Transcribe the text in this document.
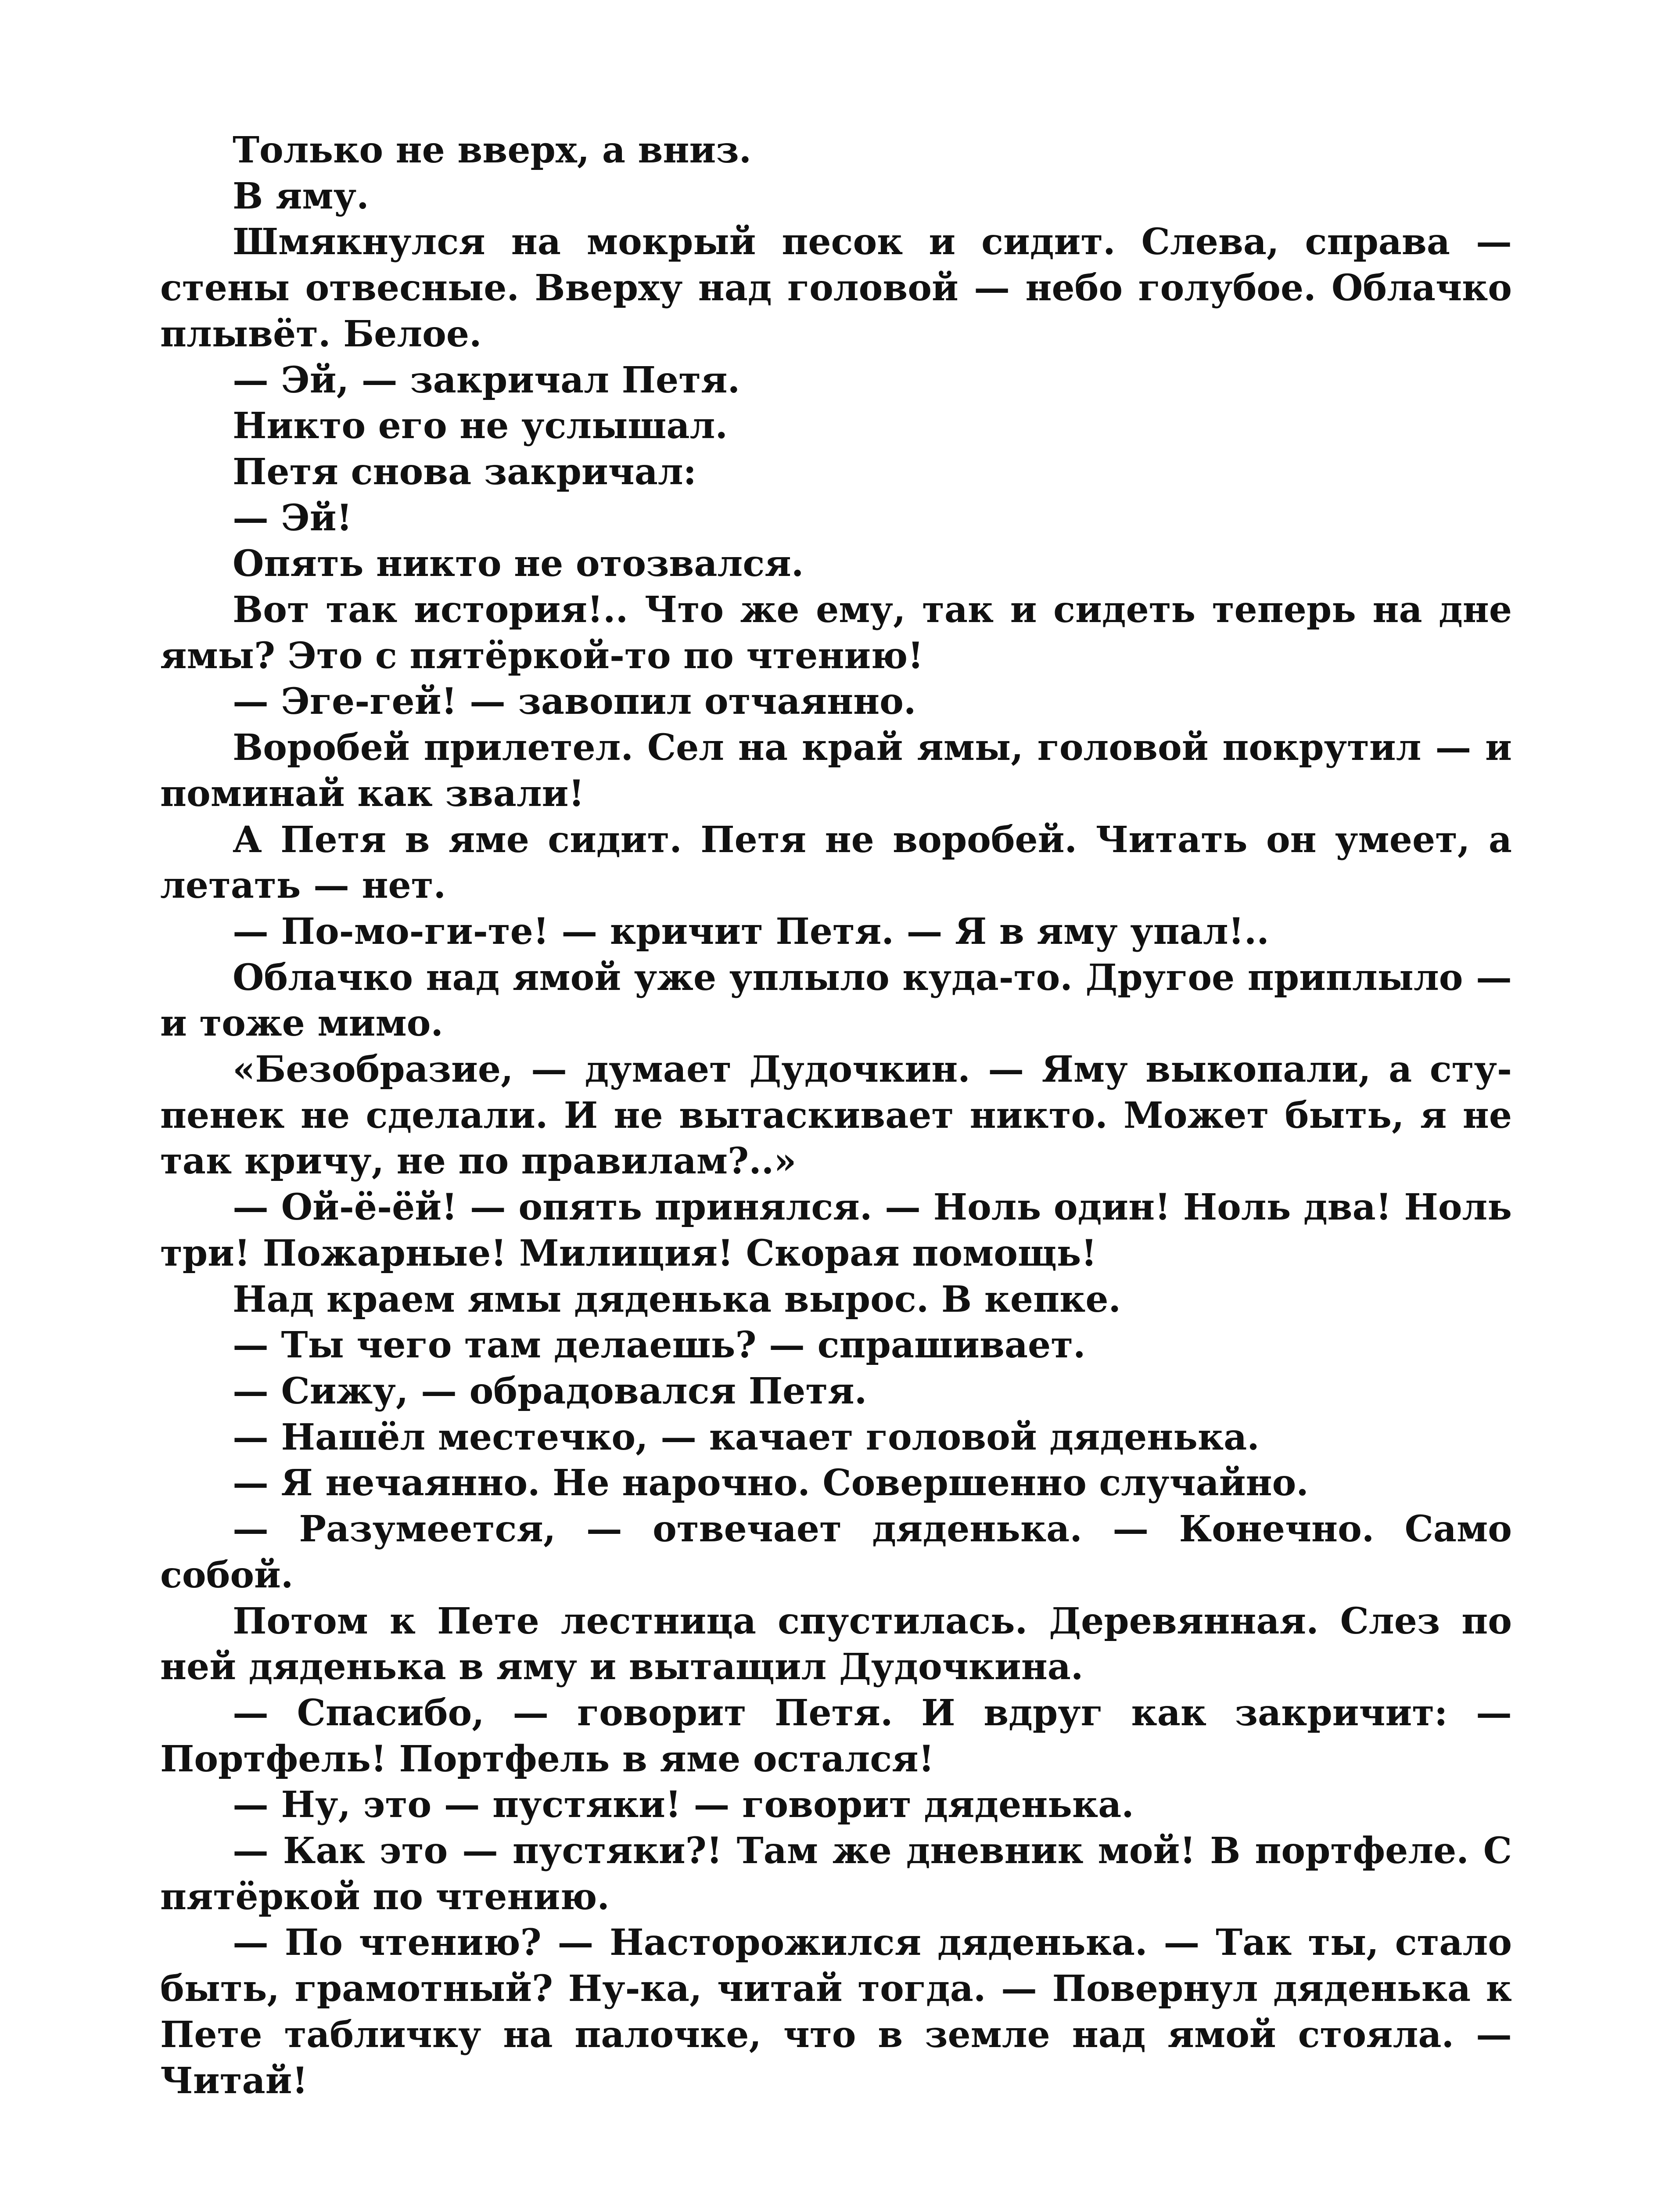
Только не вверх, а вниз.

В яму.

Шмякнулся на мокрый песок и сидит. Слева, справа — стены отвесные. Вверху над головой — небо голубое. Облачко плывёт. Белое.

— Эй, — закричал Петя.

Никто его не услышал.

Петя снова закричал:

— Эй!

Опять никто не отозвался.

Вот так история!.. Что же ему, так и сидеть теперь на дне ямы? Это с пятёркой-то по чтению!

— Эге-гей! — завопил отчаянно.

Воробей прилетел. Сел на край ямы, головой покрутил — и поминай как звали!

А Петя в яме сидит. Петя не воробей. Читать он умеет, а летать — нет.

— По-мо-ги-те! — кричит Петя. — Я в яму упал!..

Облачко над ямой уже уплыло куда-то. Другое приплыло — и тоже мимо.

«Безобразие, — думает Дудочкин. — Яму выкопали, а ступенек не сделали. И не вытаскивает никто. Может быть, я не так кричу, не по правилам?..»

— Ой-ё-ёй! — опять принялся. — Ноль один! Ноль два! Ноль три! Пожарные! Милиция! Скорая помощь!

Над краем ямы дяденька вырос. В кепке.

— Ты чего там делаешь? — спрашивает.

— Сижу, — обрадовался Петя.

— Нашёл местечко, — качает головой дяденька.

— Я нечаянно. Не нарочно. Совершенно случайно.

— Разумеется, — отвечает дяденька. — Конечно. Само собой.

Потом к Пете лестница спустилась. Деревянная. Слез по ней дяденька в яму и вытащил Дудочкина.

— Спасибо, — говорит Петя. И вдруг как закричит: — Портфель! Портфель в яме остался!

— Ну, это — пустяки! — говорит дяденька.

— Как это — пустяки?! Там же дневник мой! В портфеле. С пятёркой по чтению.

— По чтению? — Насторожился дяденька. — Так ты, стало быть, грамотный? Ну-ка, читай тогда. — Повернул дяденька к Пете табличку на палочке, что в земле над ямой стояла. — Читай!
